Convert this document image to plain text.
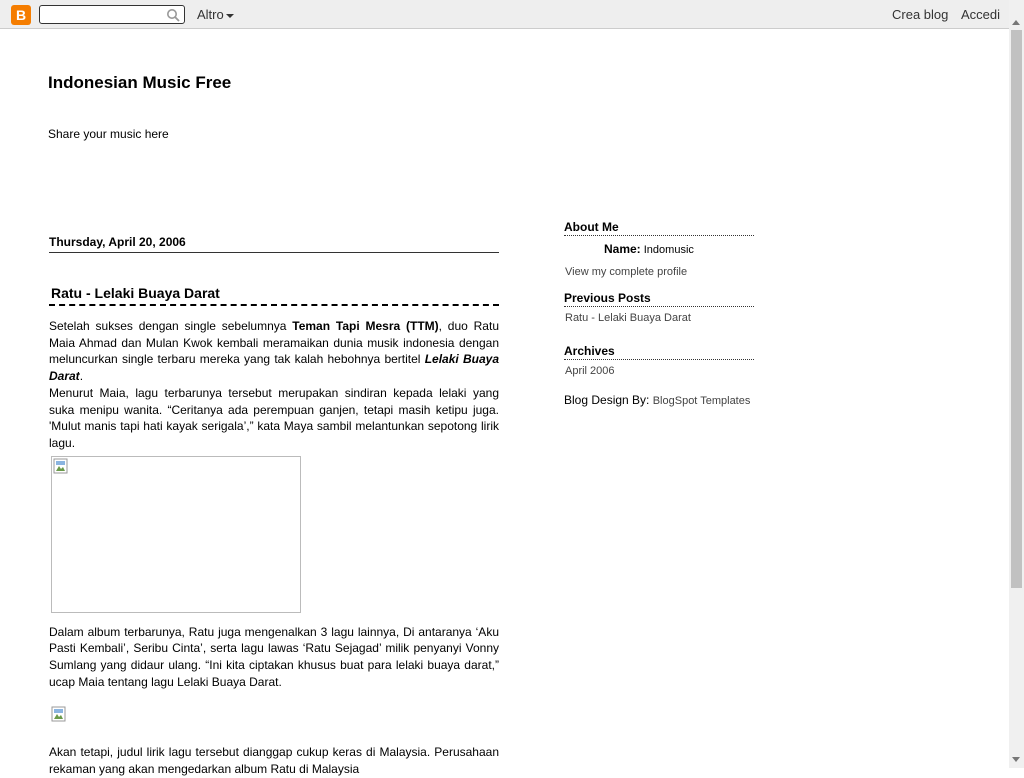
B	Altro	Crea blog Accedi
Indonesian Music Free
Share your music here
Thursday, April 20, 2006
Ratu - Lelaki Buaya Darat

Setelah sukses dengan single sebelumnya Teman Tapi Mesra (TTM), duo Ratu Maia Ahmad dan Mulan Kwok kembali meramaikan dunia musik indonesia dengan meluncurkan single terbaru mereka yang tak kalah hebohnya bertitel Lelaki Buaya Darat.

Menurut Maia, lagu terbarunya tersebut merupakan sindiran kepada lelaki yang suka menipu wanita. “Ceritanya ada perempuan ganjen, tetapi masih ketipu juga. 'Mulut manis tapi hati kayak serigala’,” kata Maya sambil melantunkan sepotong lirik lagu.

Dalam album terbarunya, Ratu juga mengenalkan 3 lagu lainnya, Di antaranya ‘Aku Pasti Kembali’, Seribu Cinta’, serta lagu lawas ‘Ratu Sejagad’ milik penyanyi Vonny Sumlang yang didaur ulang. “Ini kita ciptakan khusus buat para lelaki buaya darat,” ucap Maia tentang lagu Lelaki Buaya Darat.

Akan tetapi, judul lirik lagu tersebut dianggap cukup keras di Malaysia. Perusahaan rekaman yang akan mengedarkan album Ratu di Malaysia

About Me
Name: Indomusic
View my complete profile
Previous Posts
Ratu - Lelaki Buaya Darat
Archives
April 2006
Blog Design By: BlogSpot Templates
